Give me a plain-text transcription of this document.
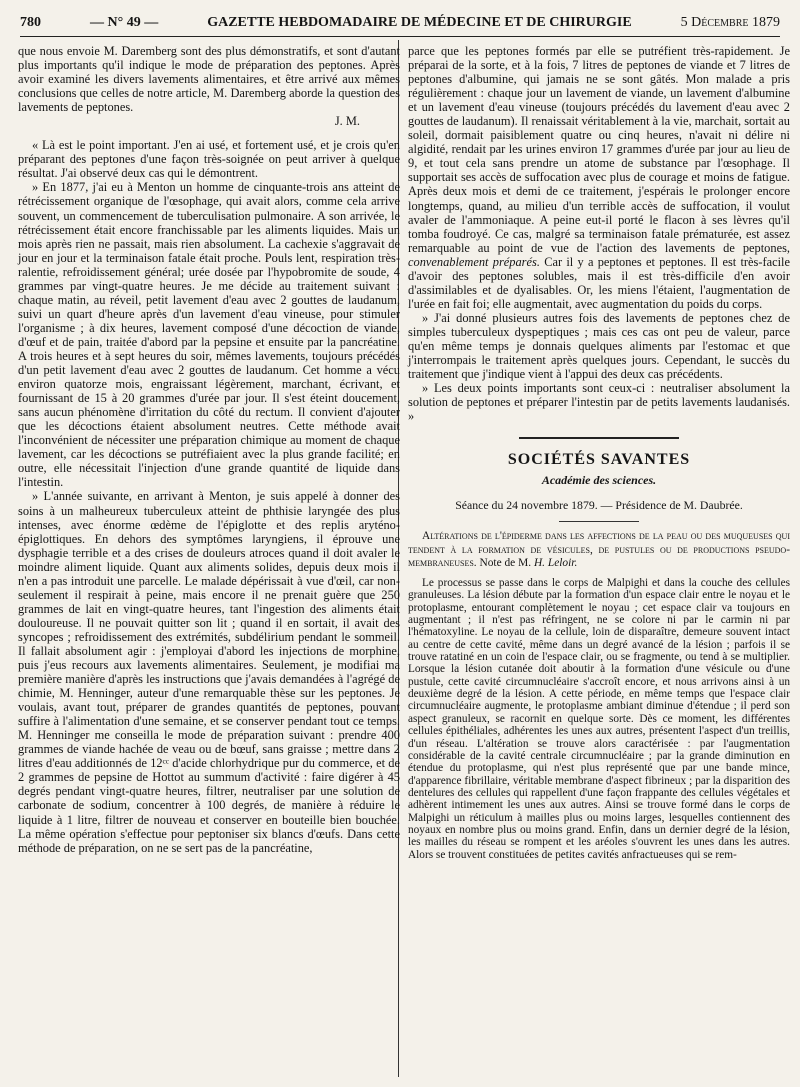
780	— N° 49 —	GAZETTE HEBDOMADAIRE DE MÉDECINE ET DE CHIRURGIE	5 Décembre 1879

que nous envoie M. Daremberg sont des plus démonstratifs, et sont d'autant plus importants qu'il indique le mode de préparation des peptones. Après avoir examiné les divers lavements alimentaires, et être arrivé aux mêmes conclusions que celles de notre article, M. Daremberg aborde la question des lavements de peptones.
J. M.

« Là est le point important. J'en ai usé, et fortement usé, et je crois qu'en préparant des peptones d'une façon très-soignée on peut arriver à quelque résultat. J'ai observé deux cas qui le démontrent.

» En 1877, j'ai eu à Menton un homme de cinquante-trois ans atteint de rétrécissement organique de l'œsophage, qui avait alors, comme cela arrive souvent, un commencement de tuberculisation pulmonaire. A son arrivée, le rétrécissement était encore franchissable par les aliments liquides. Mais un mois après rien ne passait, mais rien absolument. La cachexie s'aggravait de jour en jour et la terminaison fatale était proche. Pouls lent, respiration très-ralentie, refroidissement général; urée dosée par l'hypobromite de soude, 4 grammes par vingt-quatre heures. Je me décide au traitement suivant : chaque matin, au réveil, petit lavement d'eau avec 2 gouttes de laudanum, suivi un quart d'heure après d'un lavement d'eau vineuse, pour stimuler l'organisme ; à dix heures, lavement composé d'une décoction de viande, d'œuf et de pain, traitée d'abord par la pepsine et ensuite par la pancréatine. A trois heures et à sept heures du soir, mêmes lavements, toujours précédés d'un petit lavement d'eau avec 2 gouttes de laudanum. Cet homme a vécu environ quatorze mois, engraissant légèrement, marchant, écrivant, et fournissant de 15 à 20 grammes d'urée par jour. Il s'est éteint doucement, sans aucun phénomène d'irritation du côté du rectum. Il convient d'ajouter que les décoctions étaient absolument neutres. Cette méthode avait l'inconvénient de nécessiter une préparation chimique au moment de chaque lavement, car les décoctions se putréfiaient avec la plus grande facilité; en outre, elle nécessitait l'injection d'une grande quantité de liquide dans l'intestin.

» L'année suivante, en arrivant à Menton, je suis appelé à donner des soins à un malheureux tuberculeux atteint de phthisie laryngée des plus intenses, avec énorme œdème de l'épiglotte et des replis aryténo-épiglottiques. En dehors des symptômes laryngiens, il éprouve une dysphagie terrible et a des crises de douleurs atroces quand il doit avaler le moindre aliment liquide. Quant aux aliments solides, depuis deux mois il n'en a pas introduit une parcelle. Le malade dépérissait à vue d'œil, car non-seulement il respirait à peine, mais encore il ne prenait guère que 250 grammes de lait en vingt-quatre heures, tant l'ingestion des aliments était douloureuse. Il ne pouvait quitter son lit ; quand il en sortait, il avait des syncopes ; refroidissement des extrémités, subdélirium pendant le sommeil. Il fallait absolument agir : j'employai d'abord les injections de morphine, puis j'eus recours aux lavements alimentaires. Seulement, je modifiai ma première manière d'après les instructions que j'avais demandées à l'agrégé de chimie, M. Henninger, auteur d'une remarquable thèse sur les peptones. Je voulais, avant tout, préparer de grandes quantités de peptones, pouvant suffire à l'alimentation d'une semaine, et se conserver pendant tout ce temps. M. Henninger me conseilla le mode de préparation suivant : prendre 400 grammes de viande hachée de veau ou de bœuf, sans graisse ; mettre dans 2 litres d'eau additionnés de 12ᶜᶜ d'acide chlorhydrique pur du commerce, et de 2 grammes de pepsine de Hottot au summum d'activité : faire digérer à 45 degrés pendant vingt-quatre heures, filtrer, neutraliser par une solution de carbonate de sodium, concentrer à 100 degrés, de manière à réduire le liquide à 1 litre, filtrer de nouveau et conserver en bouteille bien bouchée. La même opération s'effectue pour peptoniser six blancs d'œufs. Dans cette méthode de préparation, on ne se sert pas de la pancréatine,

parce que les peptones formés par elle se putréfient très-rapidement. Je préparai de la sorte, et à la fois, 7 litres de peptones de viande et 7 litres de peptones d'albumine, qui jamais ne se sont gâtés. Mon malade a pris régulièrement : chaque jour un lavement de viande, un lavement d'albumine et un lavement d'eau vineuse (toujours précédés du lavement d'eau avec 2 gouttes de laudanum). Il renaissait véritablement à la vie, marchait, sortait au soleil, dormait paisiblement quatre ou cinq heures, n'avait ni délire ni algidité, rendait par les urines environ 17 grammes d'urée par jour au lieu de 9, et tout cela sans prendre un atome de substance par l'œsophage. Il supportait ses accès de suffocation avec plus de courage et moins de fatigue. Après deux mois et demi de ce traitement, j'espérais le prolonger encore longtemps, quand, au milieu d'un terrible accès de suffocation, il voulut avaler de l'ammoniaque. A peine eut-il porté le flacon à ses lèvres qu'il tomba foudroyé. Ce cas, malgré sa terminaison fatale prématurée, est assez remarquable au point de vue de l'action des lavements de peptones, convenablement préparés. Car il y a peptones et peptones. Il est très-facile d'avoir des peptones solubles, mais il est très-difficile d'en avoir d'assimilables et de dyalisables. Or, les miens l'étaient, l'augmentation de l'urée en fait foi; elle augmentait, avec augmentation du poids du corps.

» J'ai donné plusieurs autres fois des lavements de peptones chez de simples tuberculeux dyspeptiques ; mais ces cas ont peu de valeur, parce qu'en même temps je donnais quelques aliments par l'estomac et que j'interrompais le traitement après quelques jours. Cependant, le succès du traitement que j'indique vient à l'appui des deux cas précédents.

» Les deux points importants sont ceux-ci : neutraliser absolument la solution de peptones et préparer l'intestin par de petits lavements laudanisés. »

SOCIÉTÉS SAVANTES
Académie des sciences.

Séance du 24 novembre 1879. — Présidence de M. Daubrée.

Altérations de l'épiderme dans les affections de la peau ou des muqueuses qui tendent à la formation de vésicules, de pustules ou de productions pseudo-membraneuses. Note de M. H. Leloir.

Le processus se passe dans le corps de Malpighi et dans la couche des cellules granuleuses. La lésion débute par la formation d'un espace clair entre le noyau et le protoplasme, entourant complètement le noyau ; cet espace clair va toujours en augmentant ; il n'est pas réfringent, ne se colore ni par le carmin ni par l'hématoxyline. Le noyau de la cellule, loin de disparaître, demeure souvent intact au centre de cette cavité, même dans un degré avancé de la lésion ; parfois il se trouve ratatiné en un coin de l'espace clair, ou se fragmente, ou tend à se multiplier. Lorsque la lésion cutanée doit aboutir à la formation d'une vésicule ou d'une pustule, cette cavité circumnucléaire s'accroît encore, et nous arrivons ainsi à un deuxième degré de la lésion. A cette période, en même temps que l'espace clair circumnucléaire augmente, le protoplasme ambiant diminue d'étendue ; il perd son aspect granuleux, se racornit en quelque sorte. Dès ce moment, les différentes cellules épithéliales, adhérentes les unes aux autres, présentent l'aspect d'un treillis, d'un réseau. L'altération se trouve alors caractérisée : par l'augmentation considérable de la cavité centrale circumnucléaire ; par la grande diminution en étendue du protoplasme, qui n'est plus représenté que par une bande mince, d'apparence fibrillaire, véritable membrane d'aspect fibrineux ; par la disparition des dentelures des cellules qui rappellent d'une façon frappante des cellules végétales et adhèrent intimement les unes aux autres. Ainsi se trouve formé dans le corps de Malpighi un réticulum à mailles plus ou moins larges, lesquelles contiennent des noyaux en nombre plus ou moins grand. Enfin, dans un dernier degré de la lésion, les mailles du réseau se rompent et les aréoles s'ouvrent les unes dans les autres. Alors se trouvent constituées de petites cavités anfractueuses qui se rem-
